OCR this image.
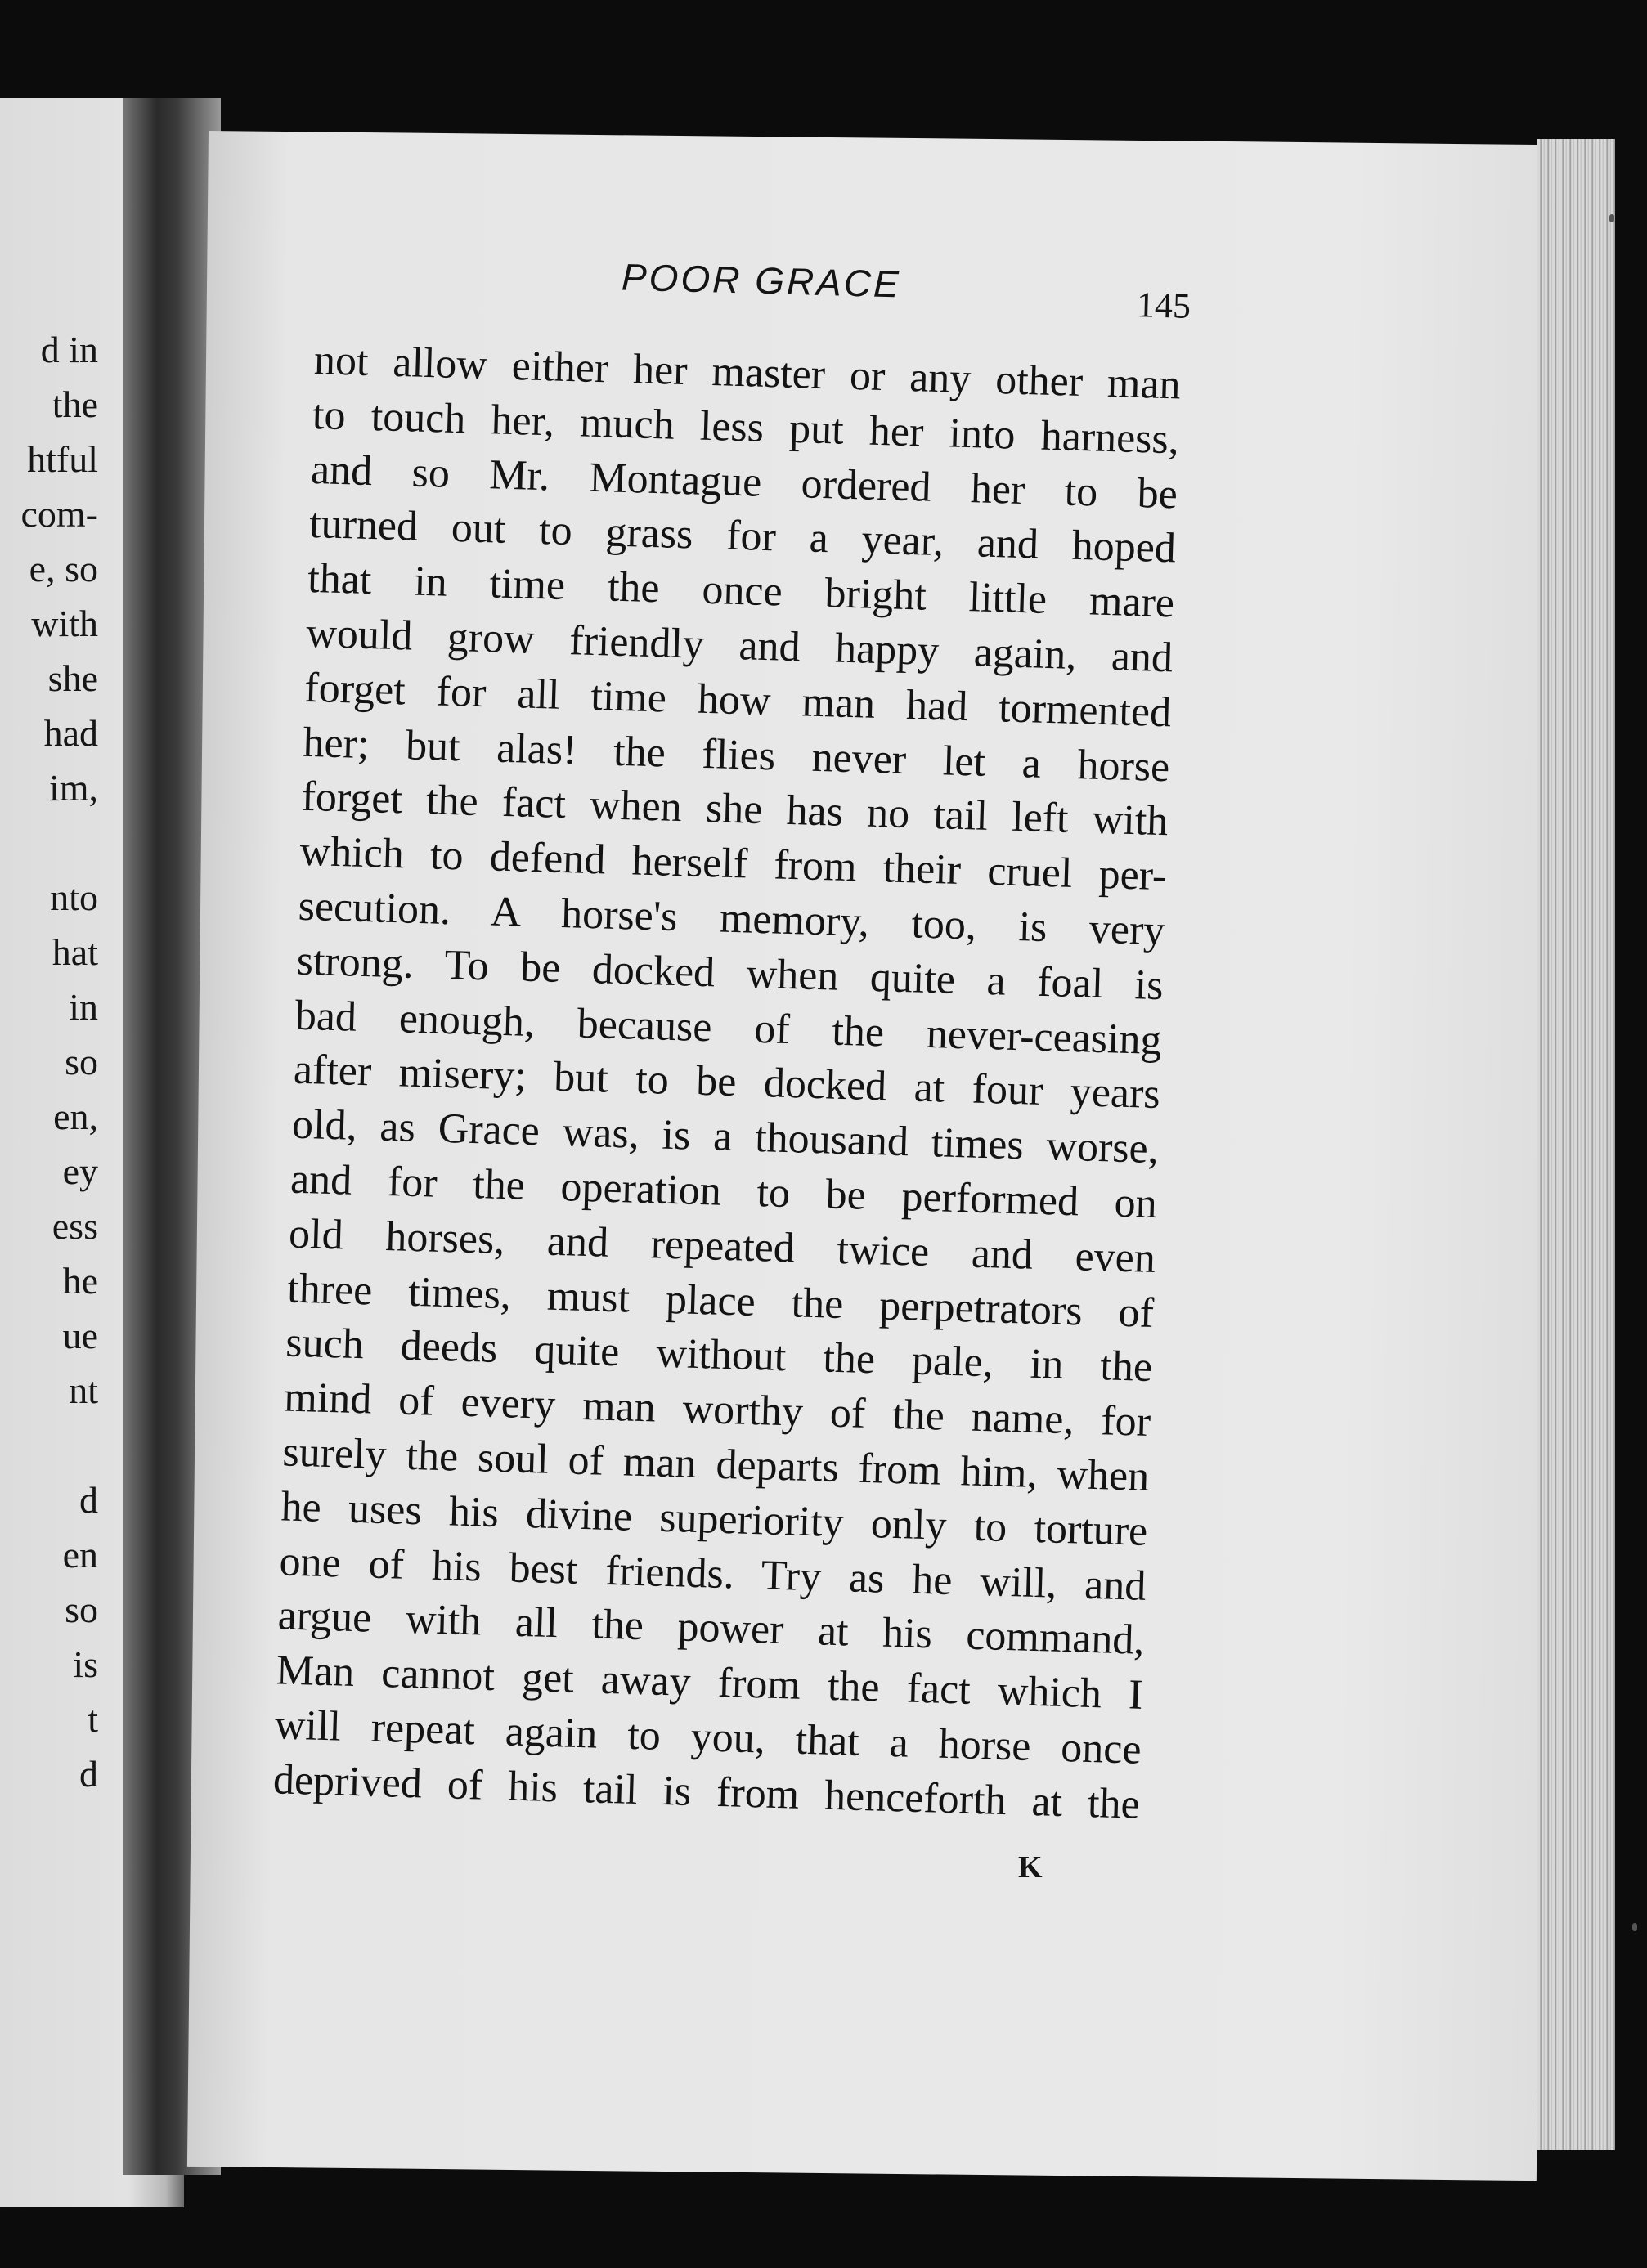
d in
the
htful
com-
e, so
with
she
had
im,
nto
hat
in
so
en,
ey
ess
he
ue
nt
d
en
so
is
t
d
POOR GRACE
145
not allow either her master or any other man
to touch her, much less put her into harness,
and so Mr. Montague ordered her to be
turned out to grass for a year, and hoped
that in time the once bright little mare
would grow friendly and happy again, and
forget for all time how man had tormented
her; but alas! the flies never let a horse
forget the fact when she has no tail left with
which to defend herself from their cruel per-
secution. A horse's memory, too, is very
strong. To be docked when quite a foal is
bad enough, because of the never-ceasing
after misery; but to be docked at four years
old, as Grace was, is a thousand times worse,
and for the operation to be performed on
old horses, and repeated twice and even
three times, must place the perpetrators of
such deeds quite without the pale, in the
mind of every man worthy of the name, for
surely the soul of man departs from him, when
he uses his divine superiority only to torture
one of his best friends. Try as he will, and
argue with all the power at his command,
Man cannot get away from the fact which I
will repeat again to you, that a horse once
deprived of his tail is from henceforth at the
K
